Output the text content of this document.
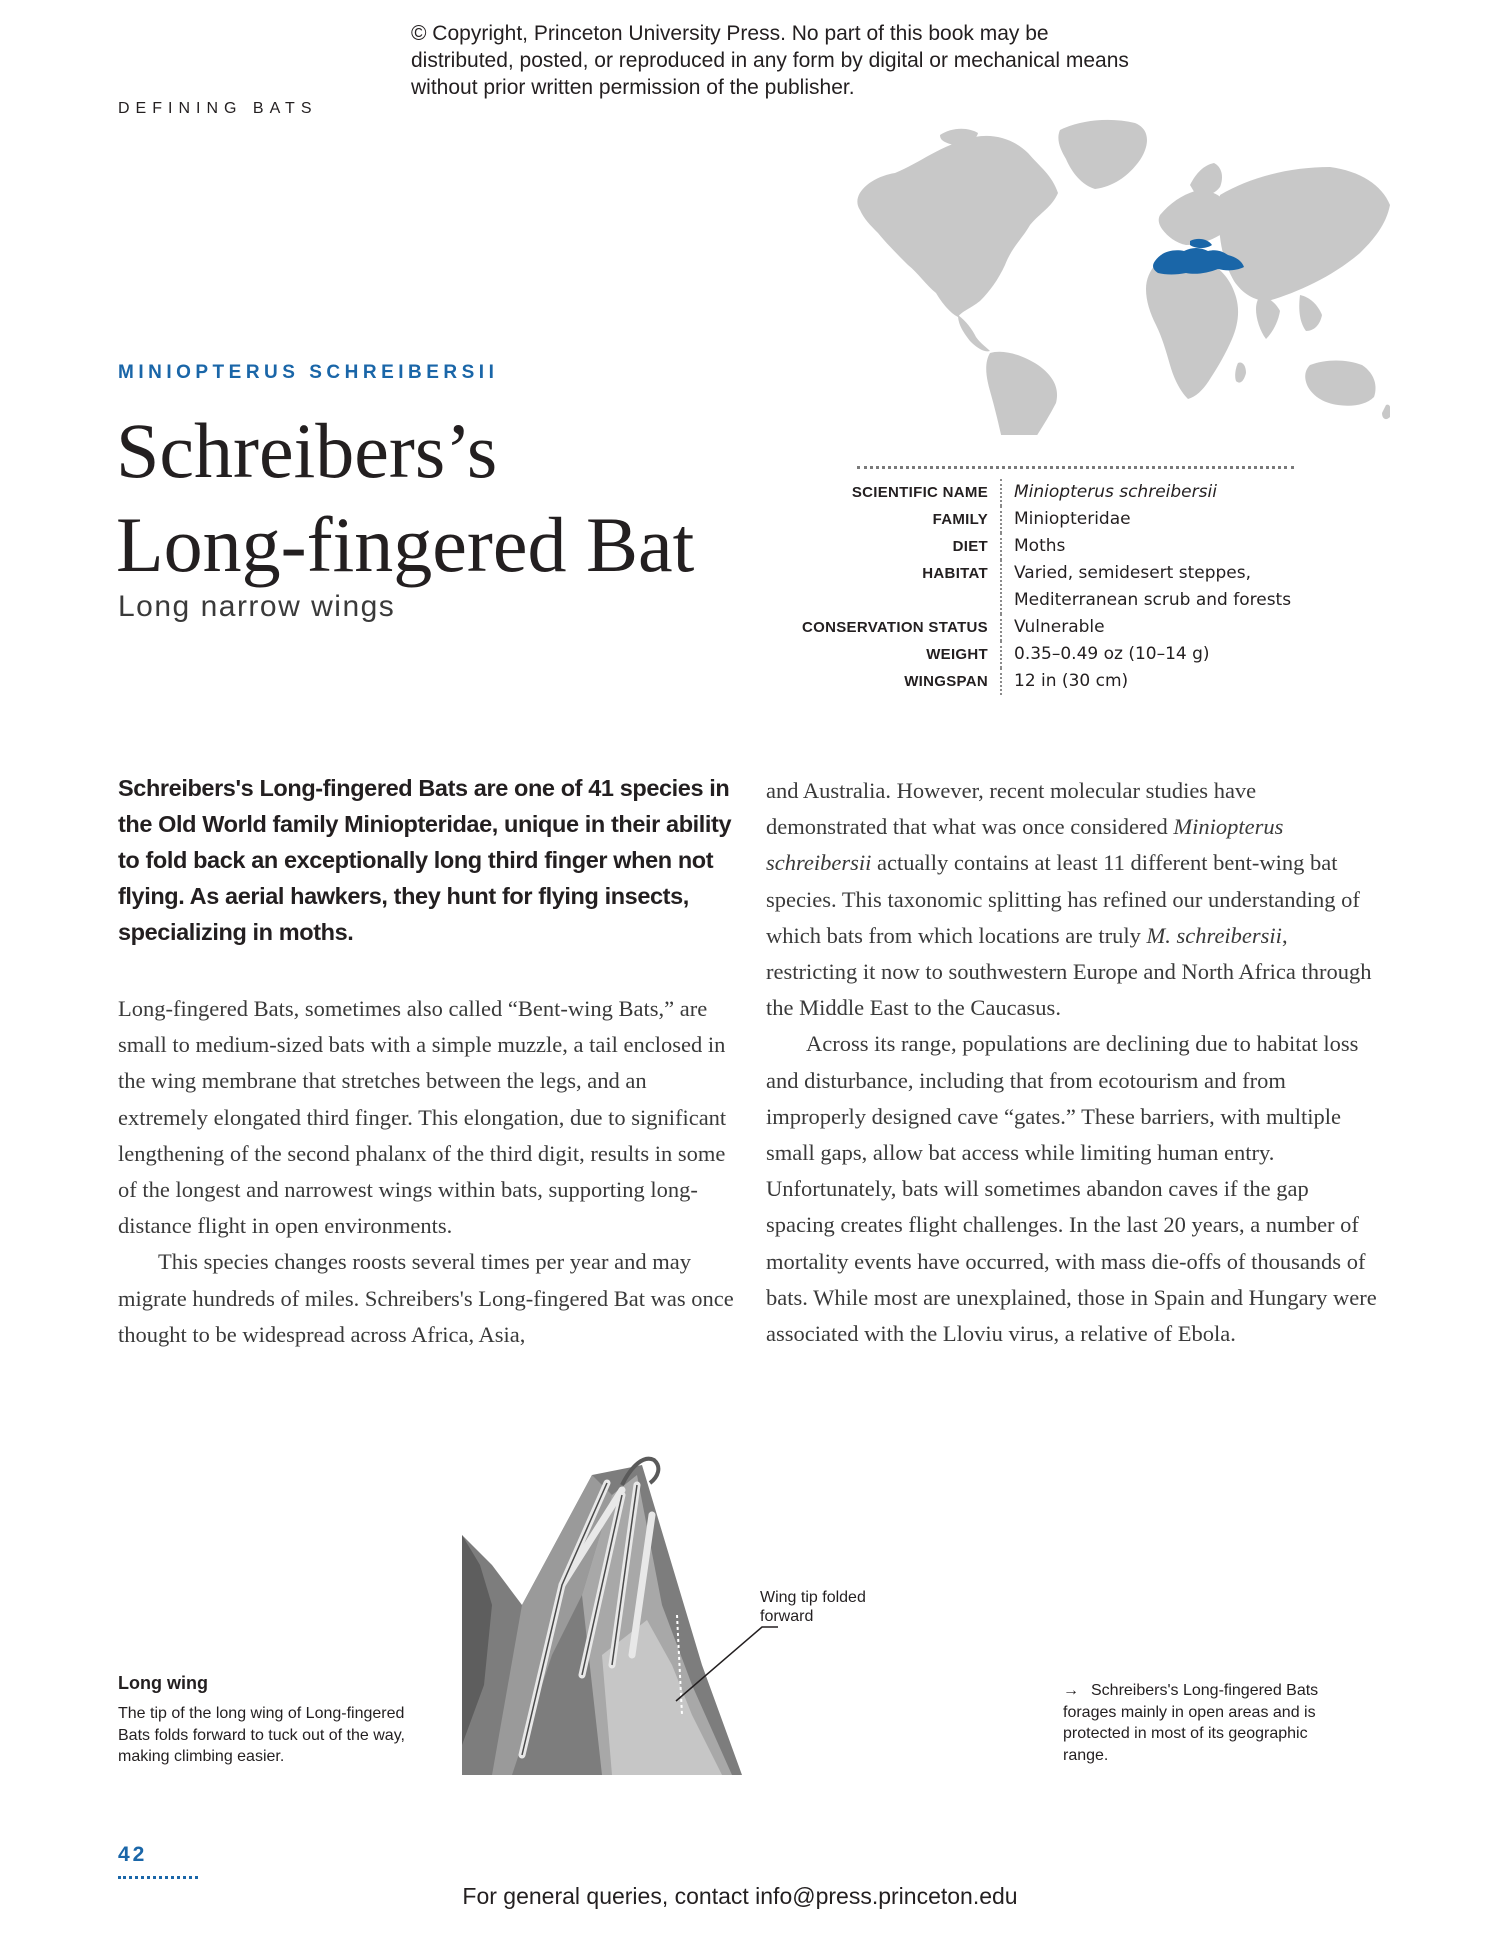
© Copyright, Princeton University Press. No part of this book may be distributed, posted, or reproduced in any form by digital or mechanical means without prior written permission of the publisher.
DEFINING BATS
MINIOPTERUS SCHREIBERSII
Schreibers’s
Long-fingered Bat
Long narrow wings
SCIENTIFIC NAME	Miniopterus schreibersii
FAMILY	Miniopteridae
DIET	Moths
HABITAT	Varied, semidesert steppes, Mediterranean scrub and forests
CONSERVATION STATUS	Vulnerable
WEIGHT	0.35–0.49 oz (10–14 g)
WINGSPAN	12 in (30 cm)
Schreibers's Long-fingered Bats are one of 41 species in the Old World family Miniopteridae, unique in their ability to fold back an exceptionally long third finger when not flying. As aerial hawkers, they hunt for flying insects, specializing in moths.

Long-fingered Bats, sometimes also called “Bent-wing Bats,” are small to medium-sized bats with a simple muzzle, a tail enclosed in the wing membrane that stretches between the legs, and an extremely elongated third finger. This elongation, due to significant lengthening of the second phalanx of the third digit, results in some of the longest and narrowest wings within bats, supporting long-distance flight in open environments.

This species changes roosts several times per year and may migrate hundreds of miles. Schreibers's Long-fingered Bat was once thought to be widespread across Africa, Asia,

and Australia. However, recent molecular studies have demonstrated that what was once considered Miniopterus schreibersii actually contains at least 11 different bent-wing bat species. This taxonomic splitting has refined our understanding of which bats from which locations are truly M. schreibersii, restricting it now to southwestern Europe and North Africa through the Middle East to the Caucasus.

Across its range, populations are declining due to habitat loss and disturbance, including that from ecotourism and from improperly designed cave “gates.” These barriers, with multiple small gaps, allow bat access while limiting human entry. Unfortunately, bats will sometimes abandon caves if the gap spacing creates flight challenges. In the last 20 years, a number of mortality events have occurred, with mass die-offs of thousands of bats. While most are unexplained, those in Spain and Hungary were associated with the Lloviu virus, a relative of Ebola.

Wing tip folded forward
Long wing
The tip of the long wing of Long-fingered Bats folds forward to tuck out of the way, making climbing easier.
→ Schreibers's Long-fingered Bats forages mainly in open areas and is protected in most of its geographic range.
42
For general queries, contact info@press.princeton.edu
